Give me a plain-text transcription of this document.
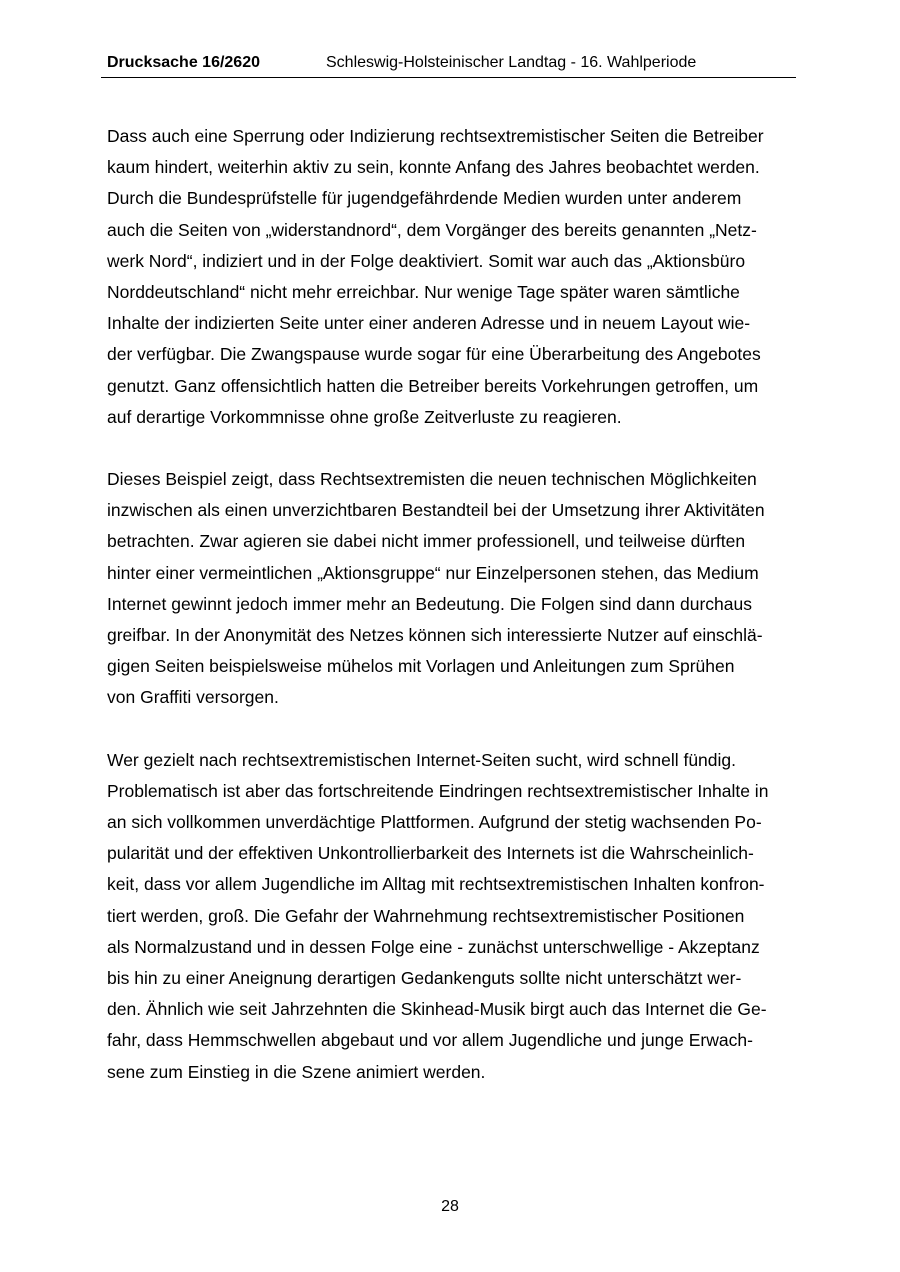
Drucksache 16/2620	Schleswig-Holsteinischer Landtag - 16. Wahlperiode
Dass auch eine Sperrung oder Indizierung rechtsextremistischer Seiten die Betreiber
kaum hindert, weiterhin aktiv zu sein, konnte Anfang des Jahres beobachtet werden.
Durch die Bundesprüfstelle für jugendgefährdende Medien wurden unter anderem
auch die Seiten von „widerstandnord“, dem Vorgänger des bereits genannten „Netz-
werk Nord“, indiziert und in der Folge deaktiviert. Somit war auch das „Aktionsbüro
Norddeutschland“ nicht mehr erreichbar. Nur wenige Tage später waren sämtliche
Inhalte der indizierten Seite unter einer anderen Adresse und in neuem Layout wie-
der verfügbar. Die Zwangspause wurde sogar für eine Überarbeitung des Angebotes
genutzt. Ganz offensichtlich hatten die Betreiber bereits Vorkehrungen getroffen, um
auf derartige Vorkommnisse ohne große Zeitverluste zu reagieren.
Dieses Beispiel zeigt, dass Rechtsextremisten die neuen technischen Möglichkeiten
inzwischen als einen unverzichtbaren Bestandteil bei der Umsetzung ihrer Aktivitäten
betrachten. Zwar agieren sie dabei nicht immer professionell, und teilweise dürften
hinter einer vermeintlichen „Aktionsgruppe“ nur Einzelpersonen stehen, das Medium
Internet gewinnt jedoch immer mehr an Bedeutung. Die Folgen sind dann durchaus
greifbar. In der Anonymität des Netzes können sich interessierte Nutzer auf einschlä-
gigen Seiten beispielsweise mühelos mit Vorlagen und Anleitungen zum Sprühen
von Graffiti versorgen.
Wer gezielt nach rechtsextremistischen Internet-Seiten sucht, wird schnell fündig.
Problematisch ist aber das fortschreitende Eindringen rechtsextremistischer Inhalte in
an sich vollkommen unverdächtige Plattformen. Aufgrund der stetig wachsenden Po-
pularität und der effektiven Unkontrollierbarkeit des Internets ist die Wahrscheinlich-
keit, dass vor allem Jugendliche im Alltag mit rechtsextremistischen Inhalten konfron-
tiert werden, groß. Die Gefahr der Wahrnehmung rechtsextremistischer Positionen
als Normalzustand und in dessen Folge eine - zunächst unterschwellige - Akzeptanz
bis hin zu einer Aneignung derartigen Gedankenguts sollte nicht unterschätzt wer-
den. Ähnlich wie seit Jahrzehnten die Skinhead-Musik birgt auch das Internet die Ge-
fahr, dass Hemmschwellen abgebaut und vor allem Jugendliche und junge Erwach-
sene zum Einstieg in die Szene animiert werden.
28
